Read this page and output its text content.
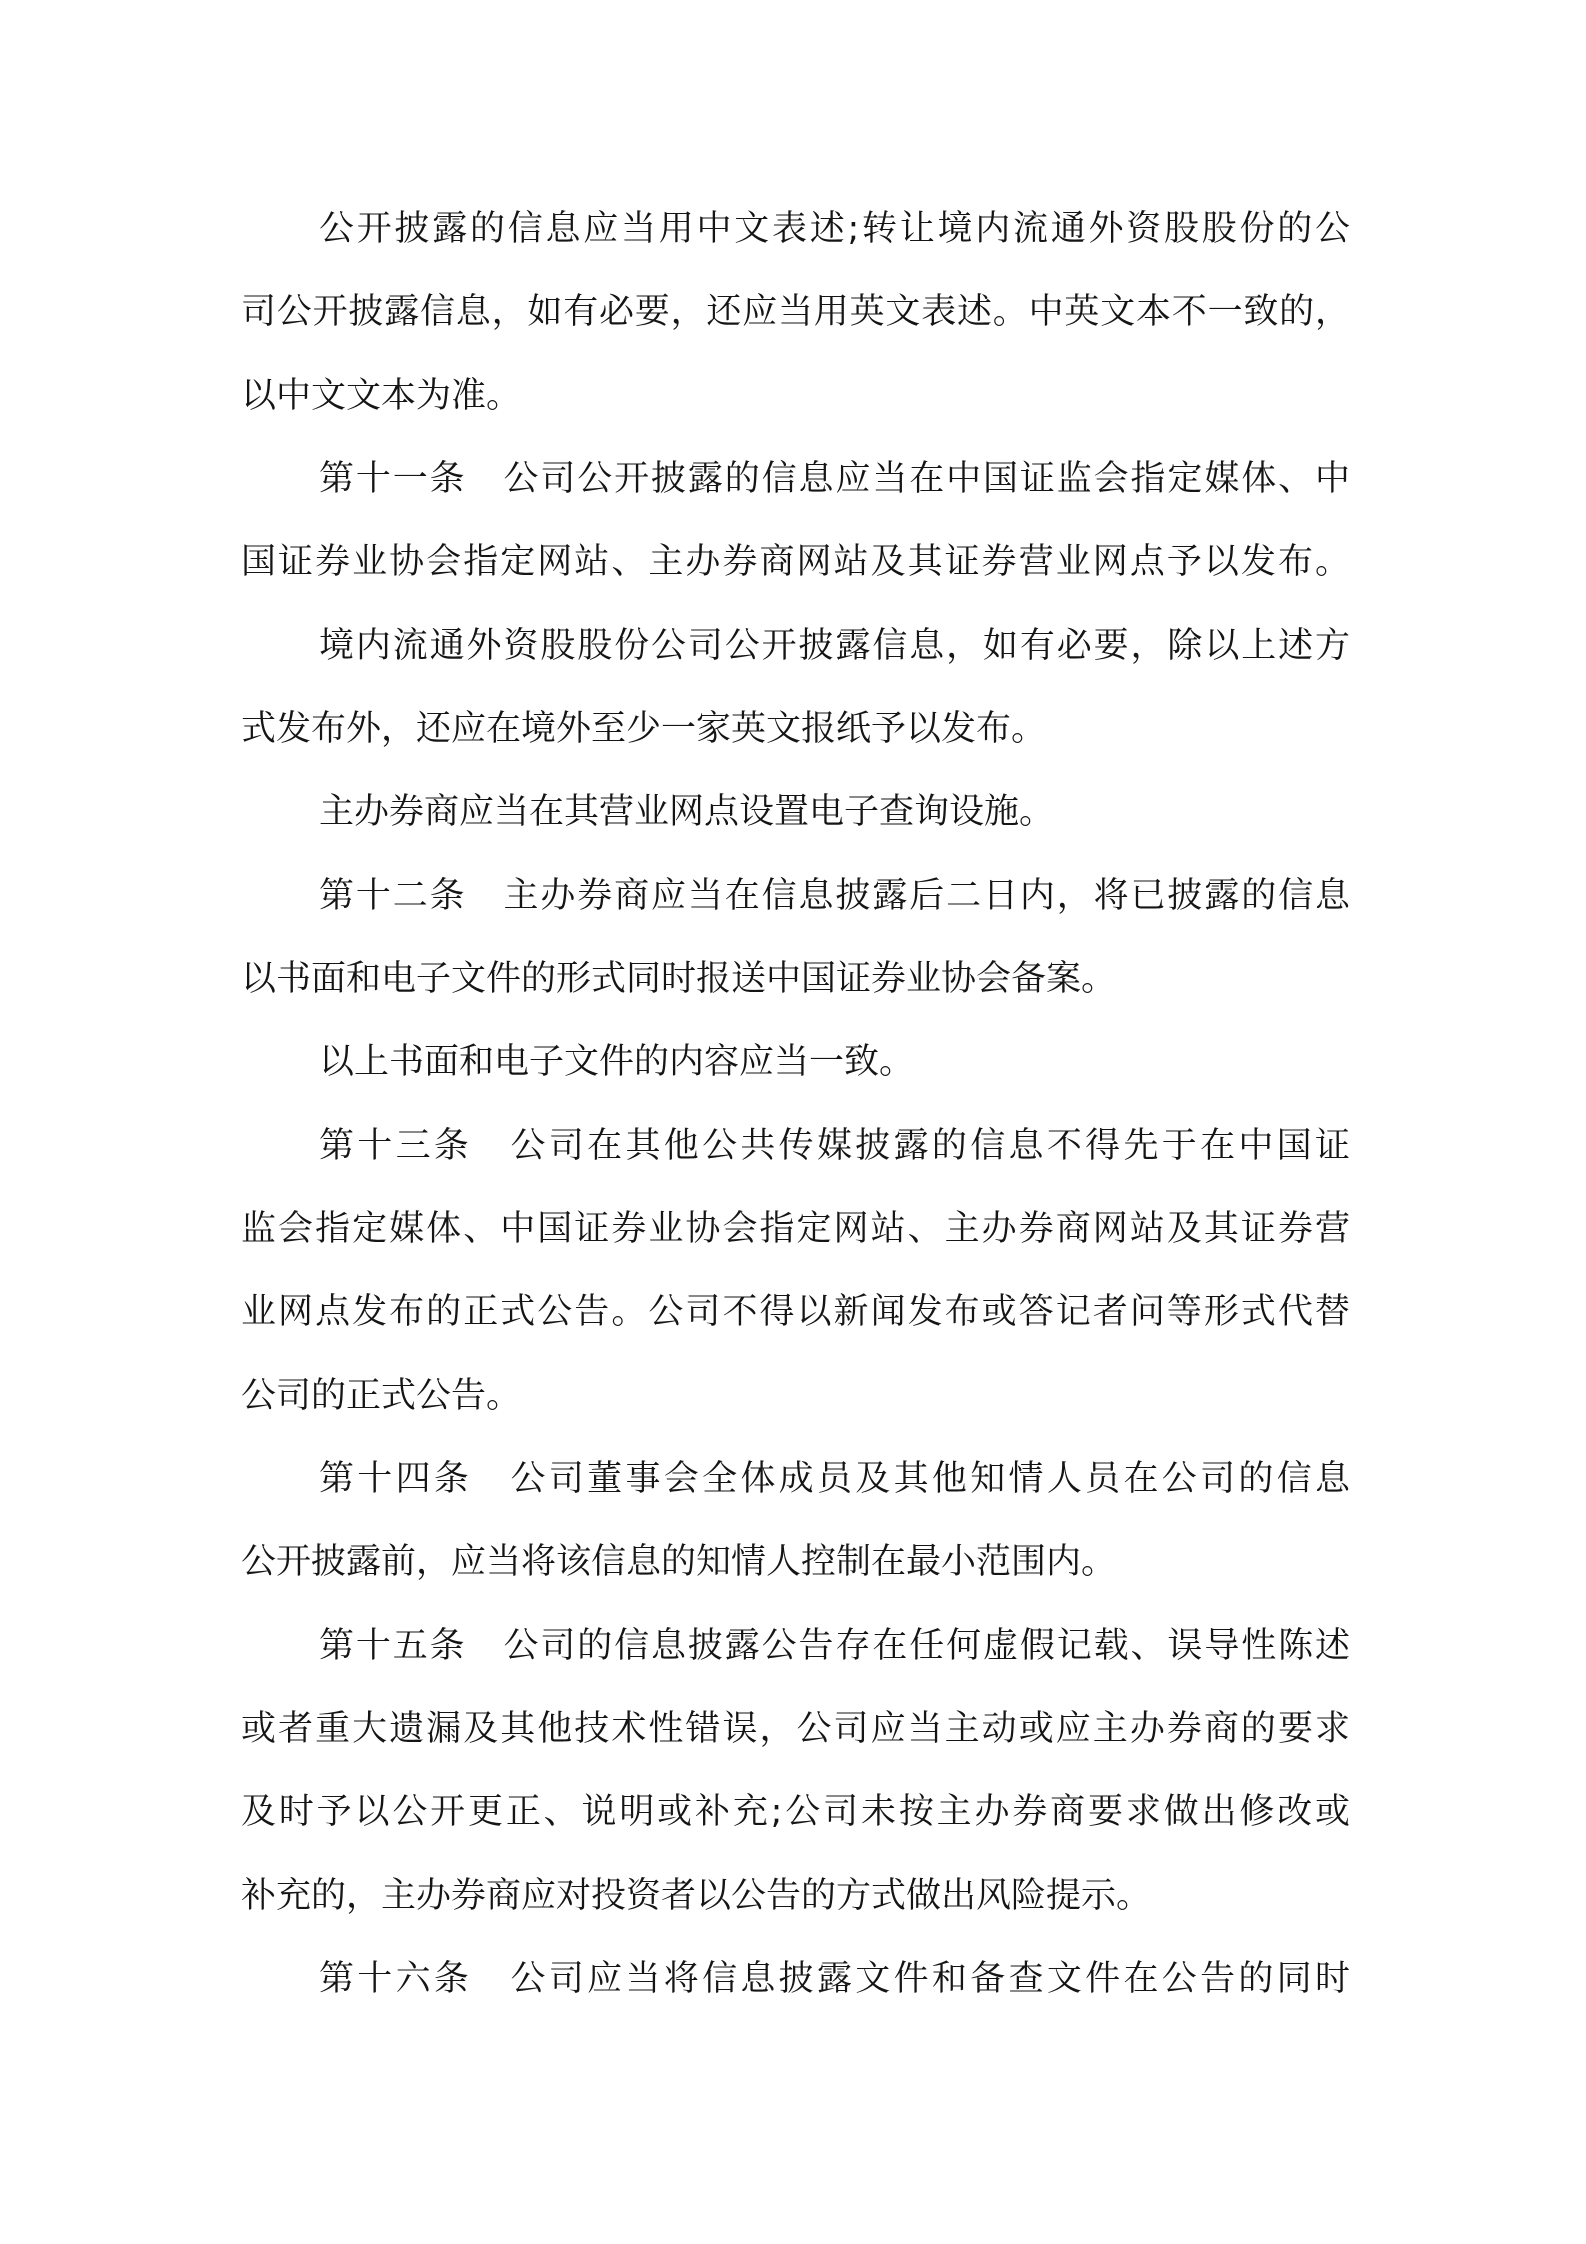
公开披露的信息应当用中文表述;转让境内流通外资股股份的公
司公开披露信息，如有必要，还应当用英文表述。中英文本不一致的，
以中文文本为准。
第十一条　公司公开披露的信息应当在中国证监会指定媒体、中
国证券业协会指定网站、主办券商网站及其证券营业网点予以发布。
境内流通外资股股份公司公开披露信息，如有必要，除以上述方
式发布外，还应在境外至少一家英文报纸予以发布。
主办券商应当在其营业网点设置电子查询设施。
第十二条　主办券商应当在信息披露后二日内，将已披露的信息
以书面和电子文件的形式同时报送中国证券业协会备案。
以上书面和电子文件的内容应当一致。
第十三条　公司在其他公共传媒披露的信息不得先于在中国证
监会指定媒体、中国证券业协会指定网站、主办券商网站及其证券营
业网点发布的正式公告。公司不得以新闻发布或答记者问等形式代替
公司的正式公告。
第十四条　公司董事会全体成员及其他知情人员在公司的信息
公开披露前，应当将该信息的知情人控制在最小范围内。
第十五条　公司的信息披露公告存在任何虚假记载、误导性陈述
或者重大遗漏及其他技术性错误，公司应当主动或应主办券商的要求
及时予以公开更正、说明或补充;公司未按主办券商要求做出修改或
补充的，主办券商应对投资者以公告的方式做出风险提示。
第十六条　公司应当将信息披露文件和备查文件在公告的同时
